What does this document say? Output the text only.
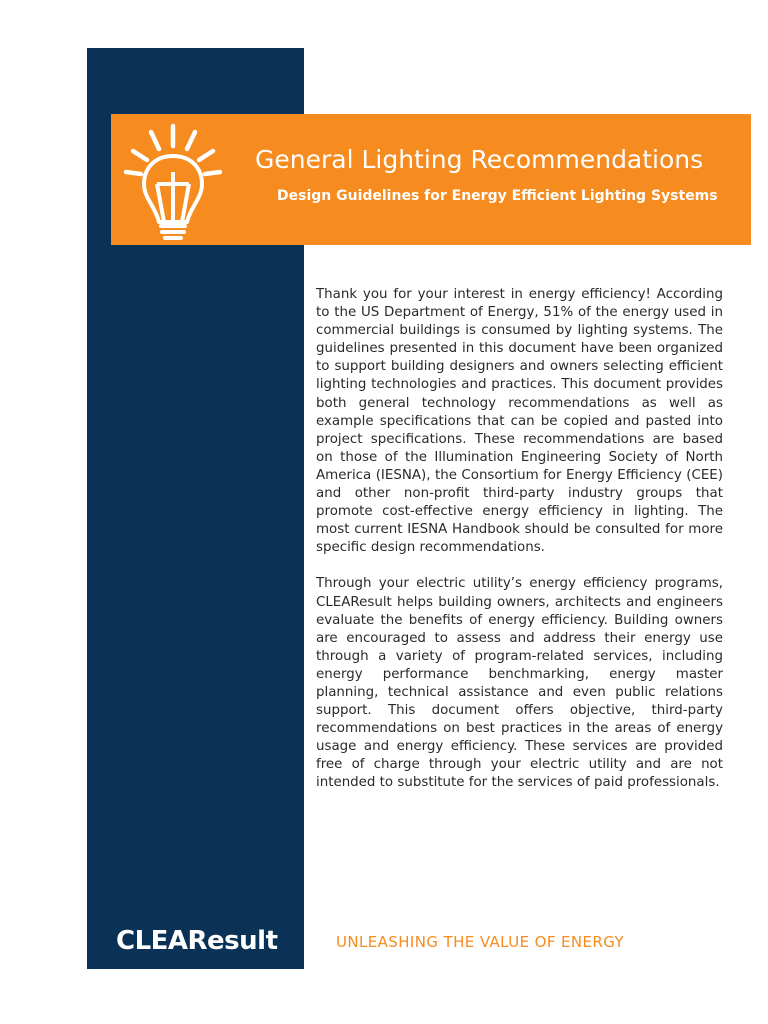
General Lighting Recommendations
Design Guidelines for Energy Efficient Lighting Systems

Thank you for your interest in energy efficiency! According to the US Department of Energy, 51% of the energy used in commercial buildings is consumed by lighting systems. The guidelines presented in this document have been organized to support building designers and owners selecting efficient lighting technologies and practices. This document provides both general technology recommendations as well as example specifications that can be copied and pasted into project specifications. These recommendations are based on those of the Illumination Engineering Society of North America (IESNA), the Consortium for Energy Efficiency (CEE) and other non-profit third-party industry groups that promote cost-effective energy efficiency in lighting. The most current IESNA Handbook should be consulted for more specific design recommendations.

Through your electric utility’s energy efficiency programs, CLEAResult helps building owners, architects and engineers evaluate the benefits of energy efficiency. Building owners are encouraged to assess and address their energy use through a variety of program-related services, including energy performance benchmarking, energy master planning, technical assistance and even public relations support. This document offers objective, third-party recommendations on best practices in the areas of energy usage and energy efficiency. These services are provided free of charge through your electric utility and are not intended to substitute for the services of paid professionals.

CLEAResult	UNLEASHING THE VALUE OF ENERGY
